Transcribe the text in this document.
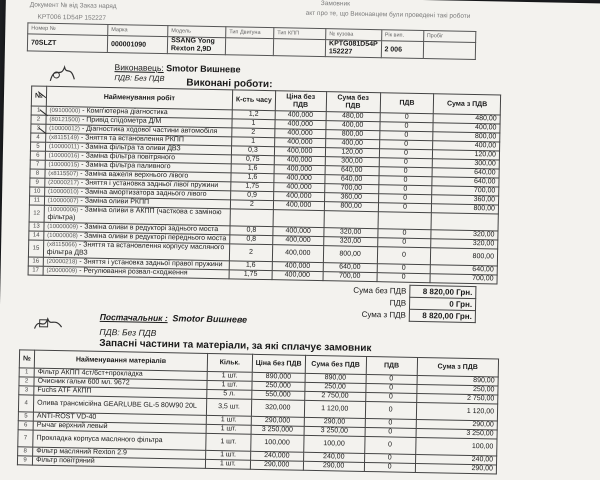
Документ № від Заказ наряд	Замовник
акт про те, що Виконавцем були проведені такі роботи
KPT006 1D54P 152227
Номер №	Марка	Модель	Тип Двигуна	Тип КПП	№ кузова	Рік вип.	Пробіг
70SLZT	000001090	SSANG Yong Rexton 2,9D			KPTG081D54P 152227	2 006	
Виконавець: Smotor Вишневе
ПДВ: Без ПДВ Виконані роботи:
№	Найменування робіт	К-сть часу	Ціна без ПДВ	Сума без ПДВ	ПДВ	Сума з ПДВ
1	(09100000) - Комп'ютерна діагностика	1,2	400,000	480,00	0	480,00
2	(80121500) - Привід спідометра Д/М	1	400,000	400,00	0	400,00
3	(10000012) - Діагностика ходової частини автомобіля	2	400,000	800,00	0	800,00
4	(х8115149) - Зняття та встановлення РКПП	1	400,000	400,00	0	400,00
5	(10000011) - Заміна фільтра та оливи ДВЗ	0,3	400,000	120,00	0	120,00
6	(10000016) - Заміна фільтра повітряного	0,75	400,000	300,00	0	300,00
7	(10000015) - Заміна фільтра паливного	1,6	400,000	640,00	0	640,00
8	(х8115507) - Заміна важеля верхнього лівого	1,6	400,000	640,00	0	640,00
9	(20000217) - Зняття і установка задньої лівої пружини	1,75	400,000	700,00	0	700,00
10	(10000010) - Заміна амортизатора заднього лівого	0,9	400,000	360,00	0	360,00
11	(10000007) - Заміна оливи РКПП	2	400,000	800,00	0	800,00
12	(10000006) - Заміна оливи в АКПП (часткова с заміною фільтра)					
13	(10000009) - Заміна оливи в редукторі заднього моста	0,8	400,000	320,00	0	320,00
14	(10000008) - Заміна оливи в редукторі переднього моста	0,8	400,000	320,00	0	320,00
15	(х8115066) - Зняття та встановлення корпусу масляного фільтра ДВЗ	2	400,000	800,00	0	800,00
16	(20000218) - Зняття і установка задньої правої пружини	1,6	400,000	640,00	0	640,00
17	(20000009) - Регулювання розвал-сходження	1,75	400,000	700,00	0	700,00
Сума без ПДВ	8 820,00 Грн.
ПДВ	0 Грн.
Сума з ПДВ	8 820,00 Грн.
Постачальник : Smotor Вишневе
ПДВ: Без ПДВ
Запасні частини та матеріали, за які сплачує замовник
№	Найменування матеріалів	Кільк.	Ціна без ПДВ	Сума без ПДВ	ПДВ	Сума з ПДВ
1	Фільтр АКПП 4ст/6ст+прокладка	1 шт.	890,000	890,00	0	890,00
2	Очисник гальм 600 мл. 9672	1 шт.	250,000	250,00	0	250,00
3	Fuchs ATF АКПП	5 л.	550,000	2 750,00	0	2 750,00
4	Олива трансмісійна GEARLUBE GL-5 80W90 20L	3,5 шт.	320,000	1 120,00	0	1 120,00
5	ANTI-ROST VD-40	1 шт.	290,000	290,00	0	290,00
6	Рычаг верхний левый	1 шт.	3 250,000	3 250,00	0	3 250,00
7	Прокладка корпуса масляного фільтра	1 шт.	100,000	100,00	0	100,00
8	Фільтр масляний Rexton 2.9	1 шт.	240,000	240,00	0	240,00
9	Фільтр повітряний	1 шт.	290,000	290,00	0	290,00
